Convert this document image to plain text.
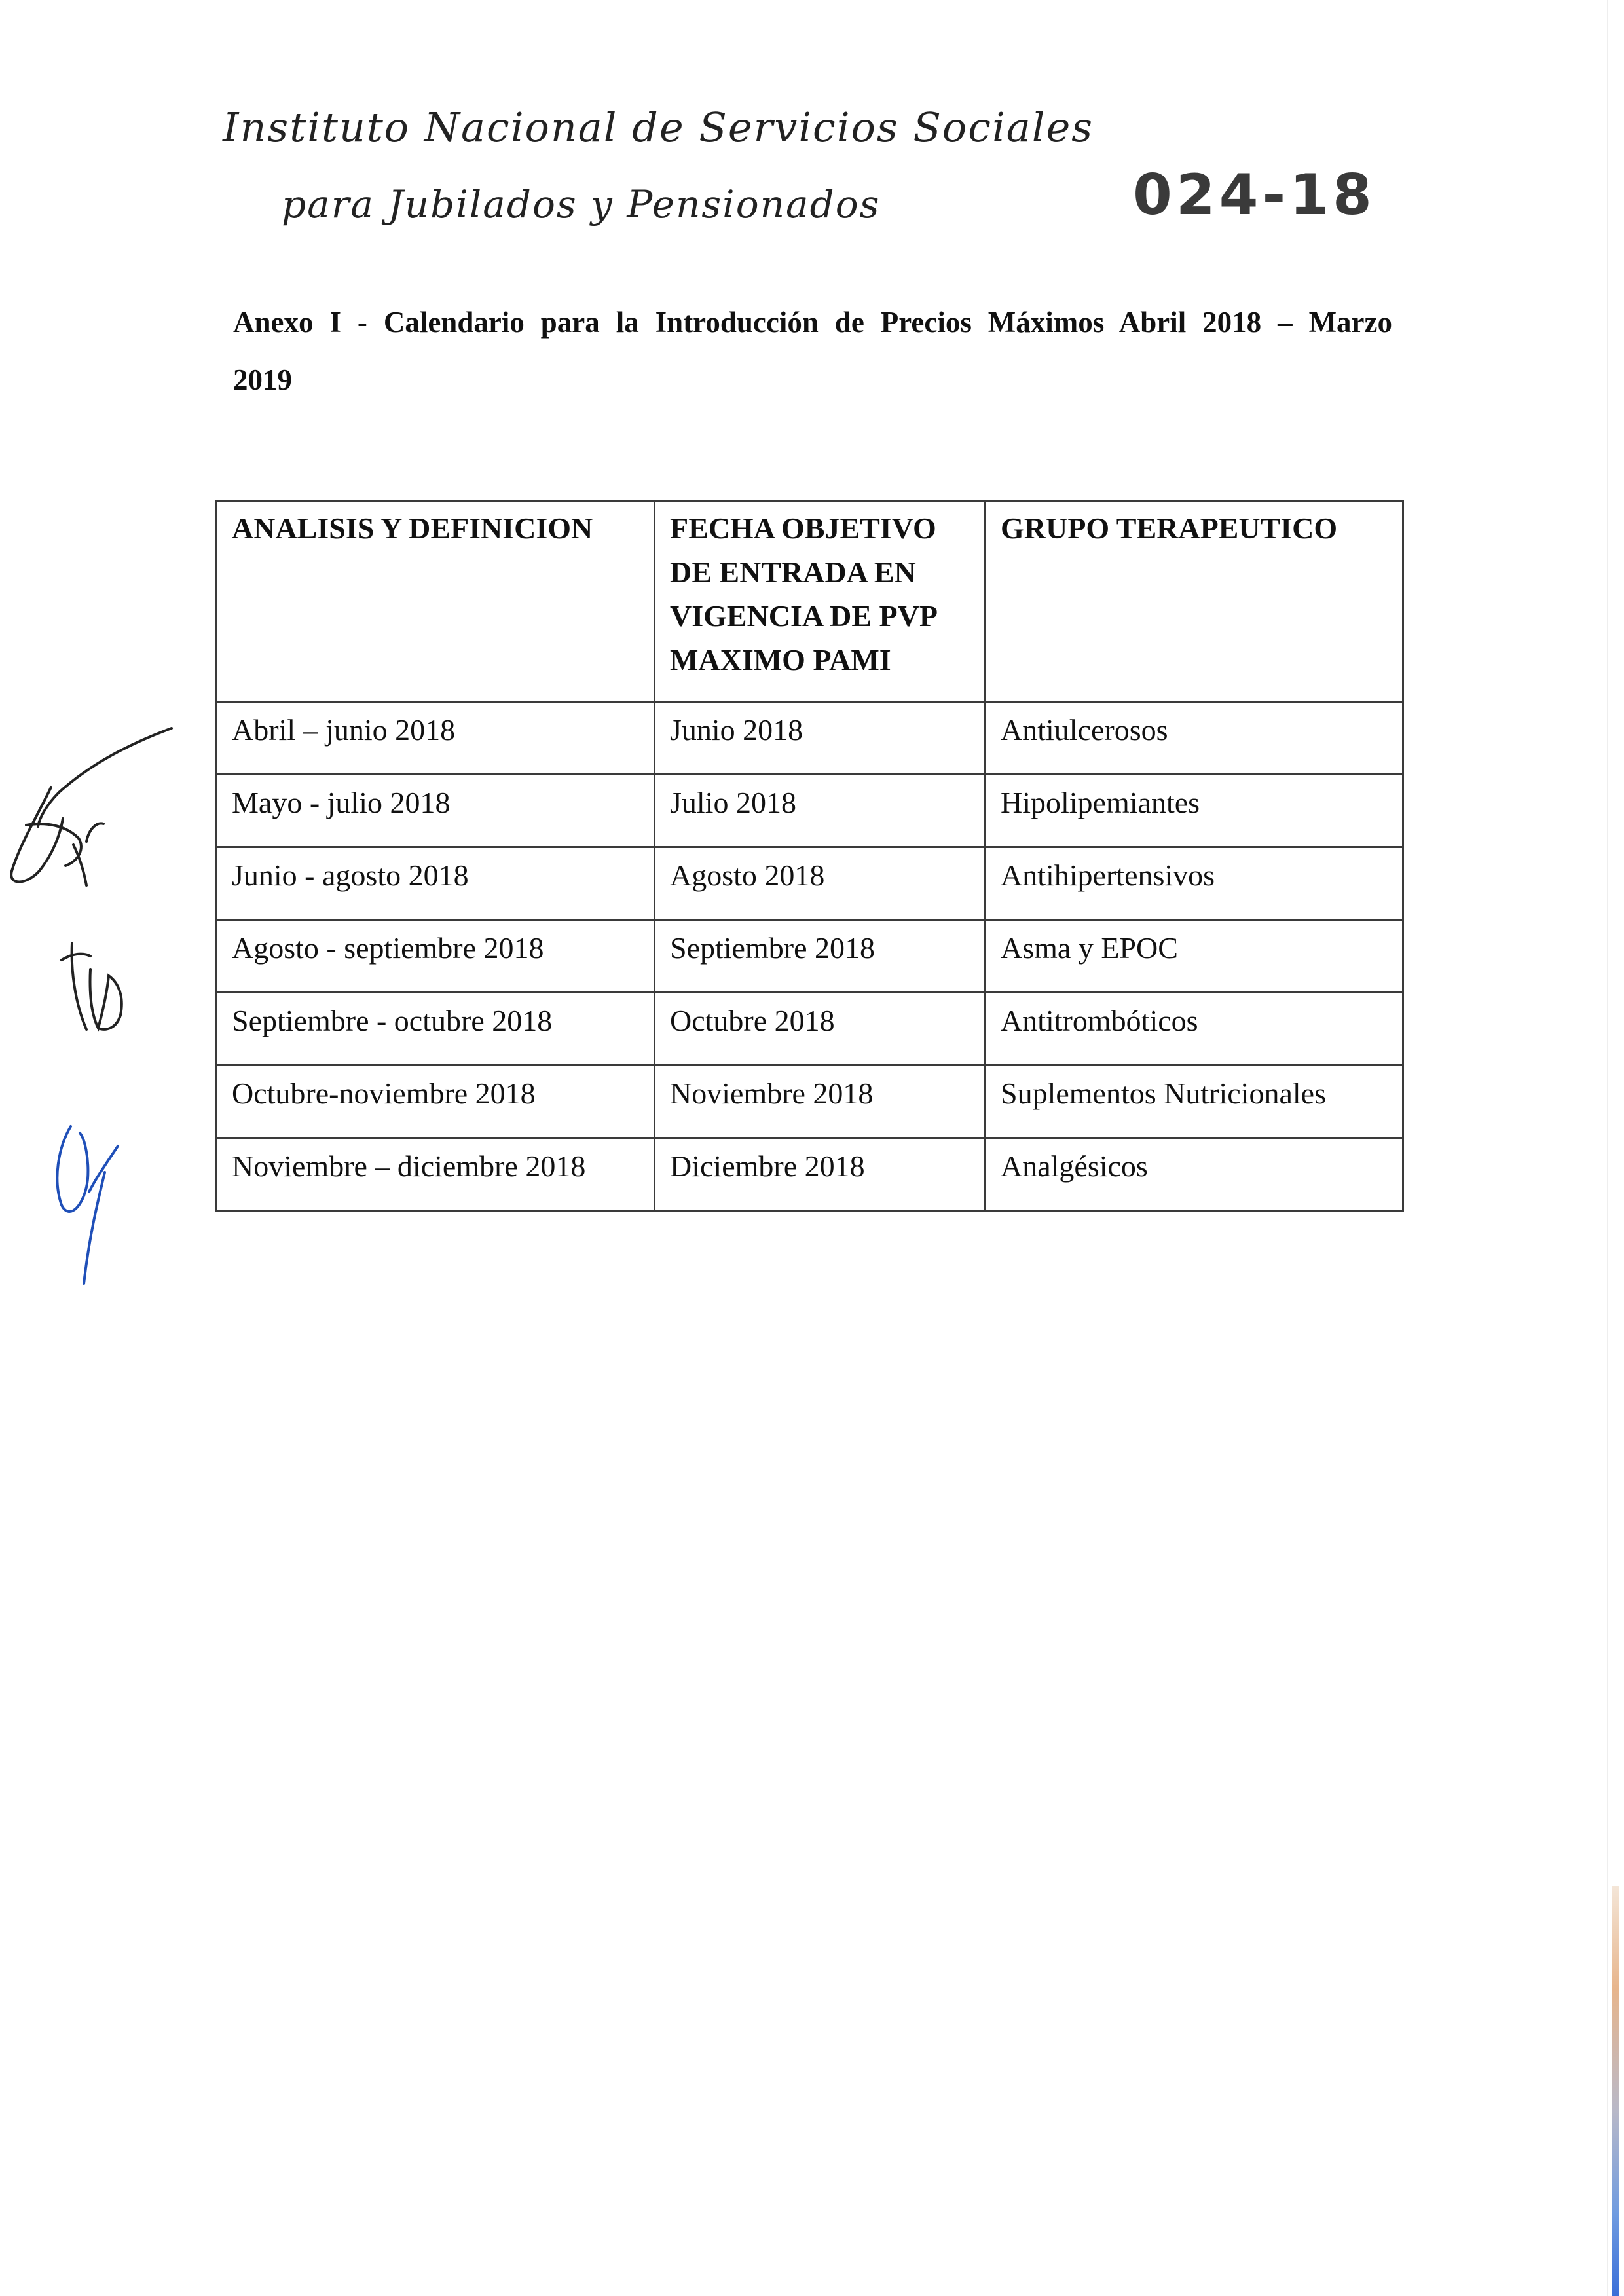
Instituto Nacional de Servicios Sociales
para Jubilados y Pensionados	024-18
Anexo I - Calendario para la Introducción de Precios Máximos Abril 2018 – Marzo 2019
ANALISIS Y DEFINICION	FECHA OBJETIVO DE ENTRADA EN VIGENCIA DE PVP MAXIMO PAMI	GRUPO TERAPEUTICO
Abril – junio 2018	Junio 2018	Antiulcerosos
Mayo - julio 2018	Julio 2018	Hipolipemiantes
Junio - agosto 2018	Agosto 2018	Antihipertensivos
Agosto - septiembre 2018	Septiembre 2018	Asma y EPOC
Septiembre - octubre 2018	Octubre 2018	Antitrombóticos
Octubre-noviembre 2018	Noviembre 2018	Suplementos Nutricionales
Noviembre – diciembre 2018	Diciembre 2018	Analgésicos
